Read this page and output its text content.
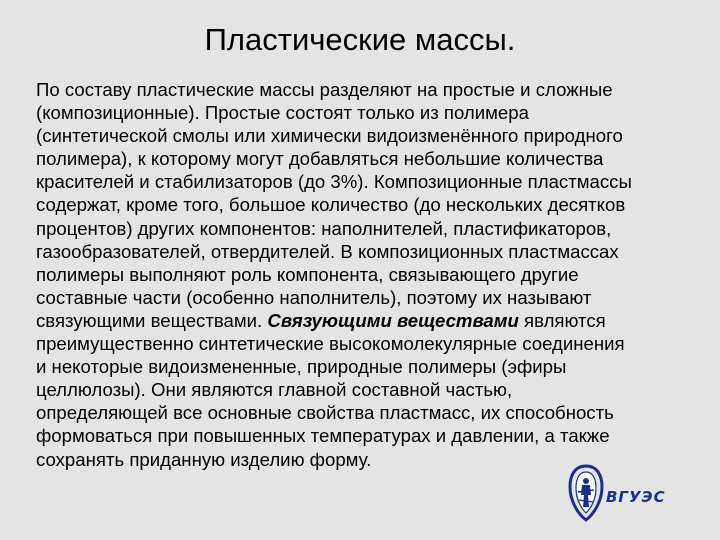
Пластические массы.
По составу пластические массы разделяют на простые и сложные
(композиционные). Простые состоят только из полимера
(синтетической смолы или химически видоизменённого природного
полимера), к которому могут добавляться небольшие количества
красителей и стабилизаторов (до 3%). Композиционные пластмассы
содержат, кроме того, большое количество (до нескольких десятков
процентов) других компонентов: наполнителей, пластификаторов,
газообразователей, отвердителей. В композиционных пластмассах
полимеры выполняют роль компонента, связывающего другие
составные части (особенно наполнитель), поэтому их называют
связующими веществами. Связующими веществами являются
преимущественно синтетические высокомолекулярные соединения
и некоторые видоизмененные, природные полимеры (эфиры
целлюлозы). Они являются главной составной частью,
определяющей все основные свойства пластмасс, их способность
формоваться при повышенных температурах и давлении, а также
сохранять приданную изделию форму.
ВГУЭС
